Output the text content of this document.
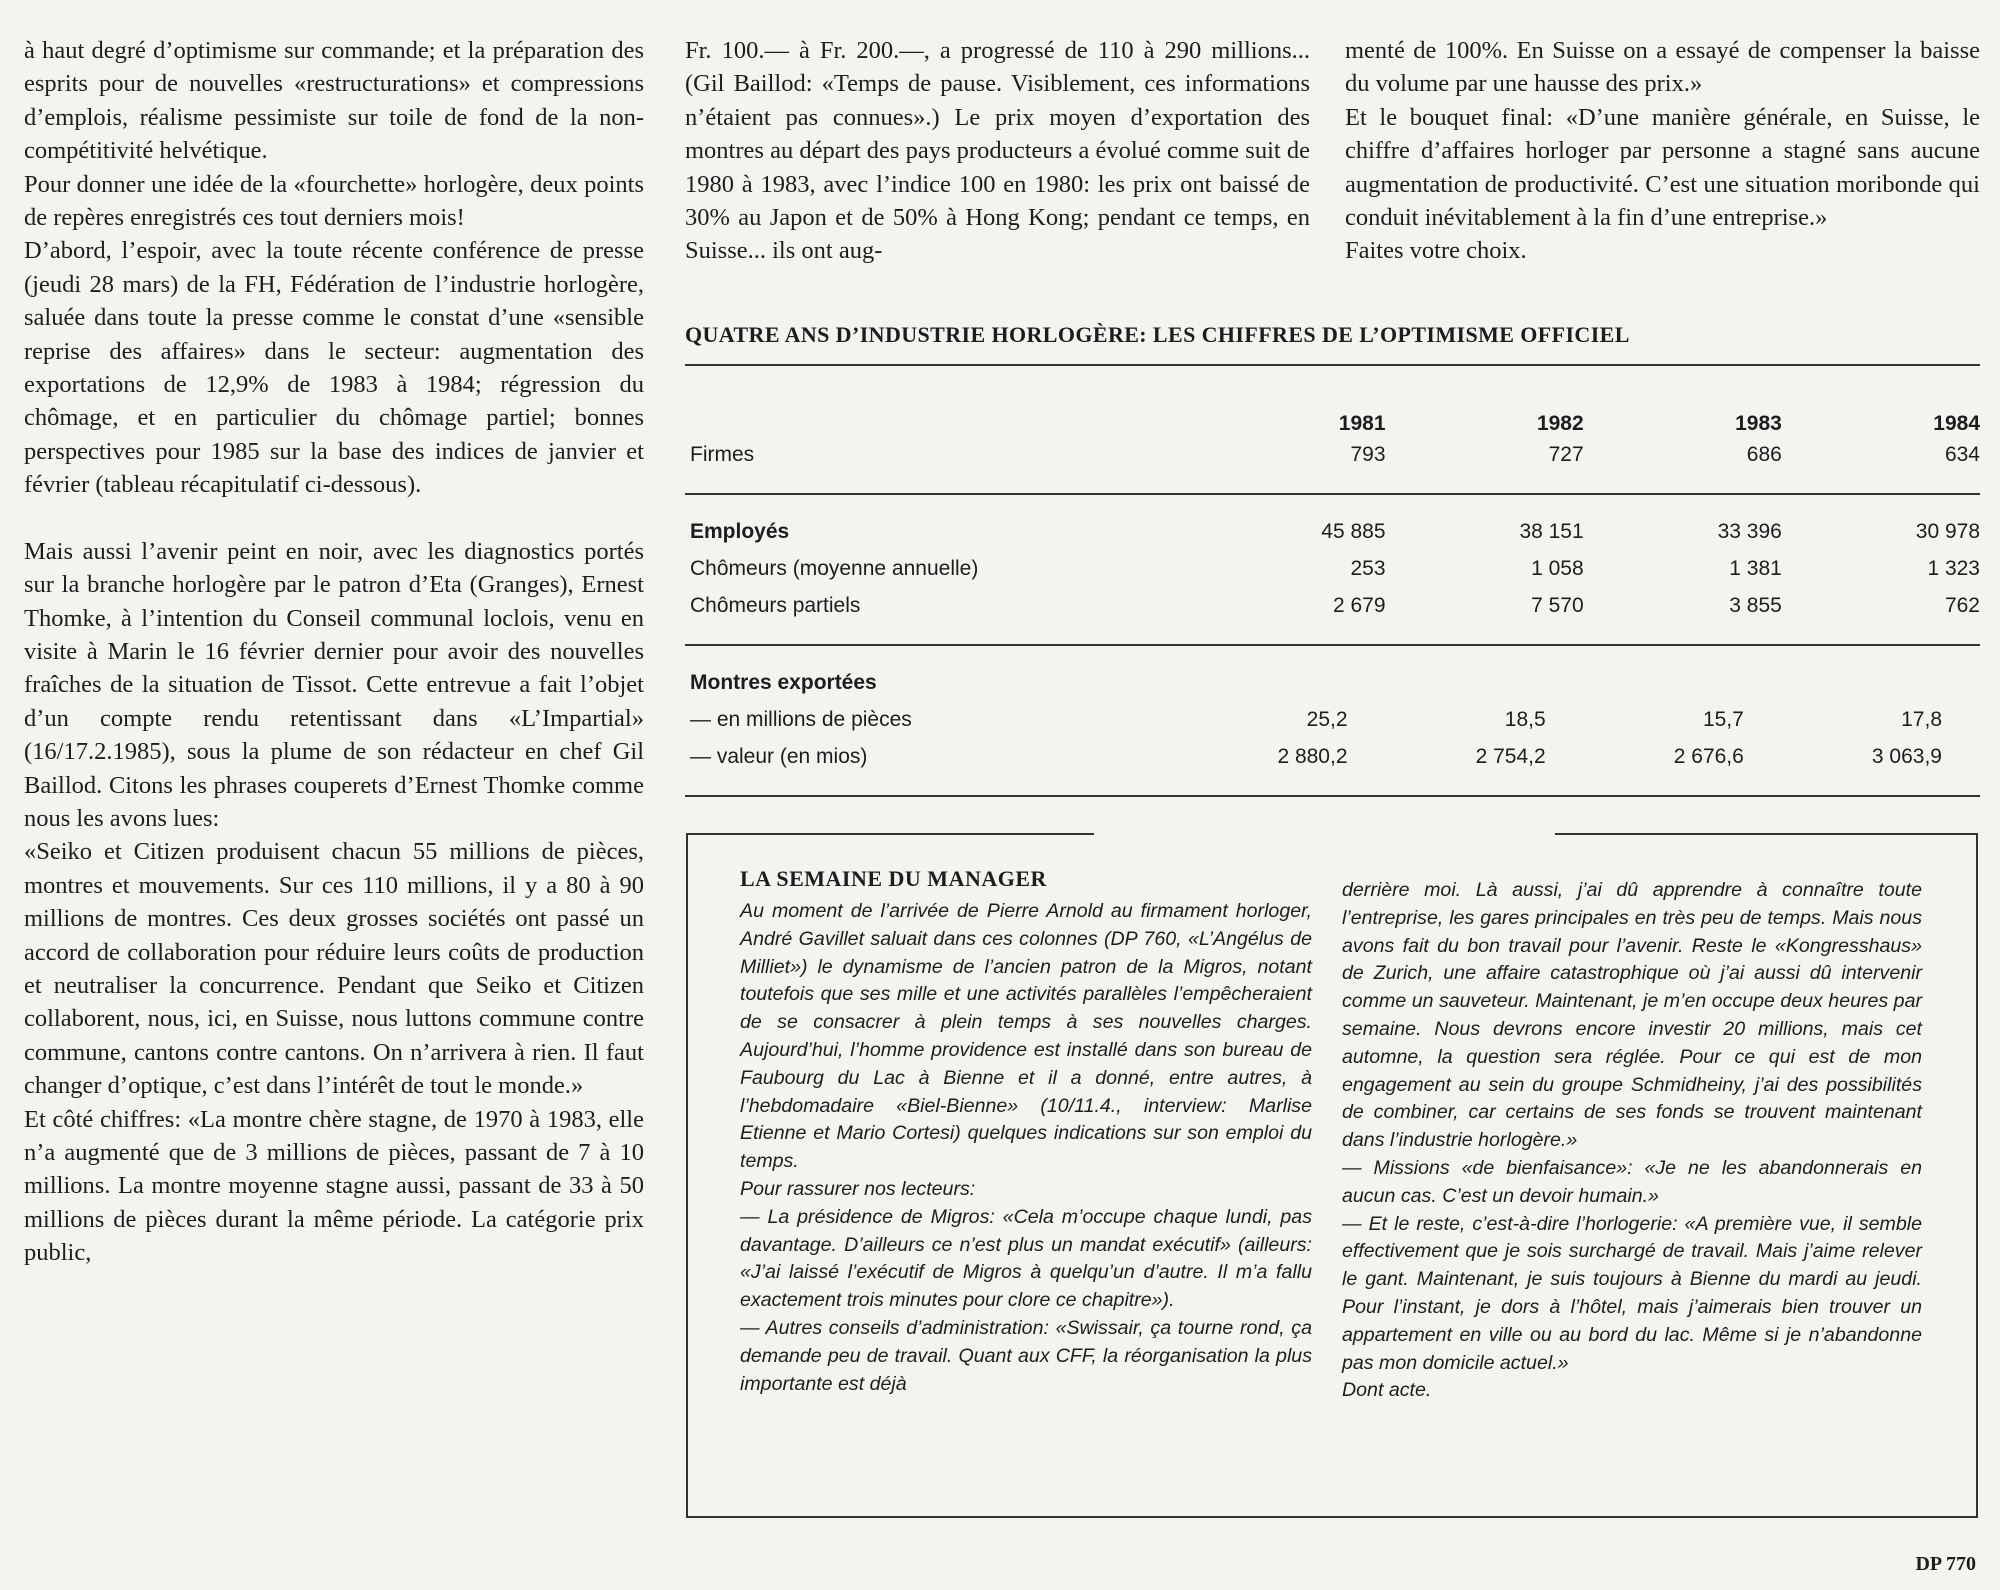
à haut degré d’optimisme sur commande; et la préparation des esprits pour de nouvelles «restructurations» et compressions d’emplois, réalisme pessimiste sur toile de fond de la non-compétitivité helvétique.

Pour donner une idée de la «fourchette» horlogère, deux points de repères enregistrés ces tout derniers mois!

D’abord, l’espoir, avec la toute récente conférence de presse (jeudi 28 mars) de la FH, Fédération de l’industrie horlogère, saluée dans toute la presse comme le constat d’une «sensible reprise des affaires» dans le secteur: augmentation des exportations de 12,9% de 1983 à 1984; régression du chômage, et en particulier du chômage partiel; bonnes perspectives pour 1985 sur la base des indices de janvier et février (tableau récapitulatif ci-dessous).

Mais aussi l’avenir peint en noir, avec les diagnostics portés sur la branche horlogère par le patron d’Eta (Granges), Ernest Thomke, à l’intention du Conseil communal loclois, venu en visite à Marin le 16 février dernier pour avoir des nouvelles fraîches de la situation de Tissot. Cette entrevue a fait l’objet d’un compte rendu retentissant dans «L’Impartial» (16/17.2.1985), sous la plume de son rédacteur en chef Gil Baillod. Citons les phrases couperets d’Ernest Thomke comme nous les avons lues:

«Seiko et Citizen produisent chacun 55 millions de pièces, montres et mouvements. Sur ces 110 millions, il y a 80 à 90 millions de montres. Ces deux grosses sociétés ont passé un accord de collaboration pour réduire leurs coûts de production et neutraliser la concurrence. Pendant que Seiko et Citizen collaborent, nous, ici, en Suisse, nous luttons commune contre commune, cantons contre cantons. On n’arrivera à rien. Il faut changer d’optique, c’est dans l’intérêt de tout le monde.»

Et côté chiffres: «La montre chère stagne, de 1970 à 1983, elle n’a augmenté que de 3 millions de pièces, passant de 7 à 10 millions. La montre moyenne stagne aussi, passant de 33 à 50 millions de pièces durant la même période. La catégorie prix public,

Fr. 100.— à Fr. 200.—, a progressé de 110 à 290 millions... (Gil Baillod: «Temps de pause. Visiblement, ces informations n’étaient pas connues».) Le prix moyen d’exportation des montres au départ des pays producteurs a évolué comme suit de 1980 à 1983, avec l’indice 100 en 1980: les prix ont baissé de 30% au Japon et de 50% à Hong Kong; pendant ce temps, en Suisse... ils ont aug-

menté de 100%. En Suisse on a essayé de compenser la baisse du volume par une hausse des prix.»

Et le bouquet final: «D’une manière générale, en Suisse, le chiffre d’affaires horloger par personne a stagné sans aucune augmentation de productivité. C’est une situation moribonde qui conduit inévitablement à la fin d’une entreprise.»

Faites votre choix.

QUATRE ANS D’INDUSTRIE HORLOGÈRE: LES CHIFFRES DE L’OPTIMISME OFFICIEL
	1981	1982	1983	1984
Firmes	793	727	686	634

Employés	45 885	38 151	33 396	30 978
Chômeurs (moyenne annuelle)	253	1 058	1 381	1 323
Chômeurs partiels	2 679	7 570	3 855	762

Montres exportées				
— en millions de pièces	25,2	18,5	15,7	17,8
— valeur (en mios)	2 880,2	2 754,2	2 676,6	3 063,9

LA SEMAINE DU MANAGER

Au moment de l’arrivée de Pierre Arnold au firmament horloger, André Gavillet saluait dans ces colonnes (DP 760, «L’Angélus de Milliet») le dynamisme de l’ancien patron de la Migros, notant toutefois que ses mille et une activités parallèles l’empêcheraient de se consacrer à plein temps à ses nouvelles charges. Aujourd’hui, l’homme providence est installé dans son bureau de Faubourg du Lac à Bienne et il a donné, entre autres, à l’hebdomadaire «Biel-Bienne» (10/11.4., interview: Marlise Etienne et Mario Cortesi) quelques indications sur son emploi du temps.

Pour rassurer nos lecteurs:

— La présidence de Migros: «Cela m’occupe chaque lundi, pas davantage. D’ailleurs ce n’est plus un mandat exécutif» (ailleurs: «J’ai laissé l’exécutif de Migros à quelqu’un d’autre. Il m’a fallu exactement trois minutes pour clore ce chapitre»).

— Autres conseils d’administration: «Swissair, ça tourne rond, ça demande peu de travail. Quant aux CFF, la réorganisation la plus importante est déjà

derrière moi. Là aussi, j’ai dû apprendre à connaître toute l’entreprise, les gares principales en très peu de temps. Mais nous avons fait du bon travail pour l’avenir. Reste le «Kongresshaus» de Zurich, une affaire catastrophique où j’ai aussi dû intervenir comme un sauveteur. Maintenant, je m’en occupe deux heures par semaine. Nous devrons encore investir 20 millions, mais cet automne, la question sera réglée. Pour ce qui est de mon engagement au sein du groupe Schmidheiny, j’ai des possibilités de combiner, car certains de ses fonds se trouvent maintenant dans l’industrie horlogère.»

— Missions «de bienfaisance»: «Je ne les abandonnerais en aucun cas. C’est un devoir humain.»

— Et le reste, c’est-à-dire l’horlogerie: «A première vue, il semble effectivement que je sois surchargé de travail. Mais j’aime relever le gant. Maintenant, je suis toujours à Bienne du mardi au jeudi. Pour l’instant, je dors à l’hôtel, mais j’aimerais bien trouver un appartement en ville ou au bord du lac. Même si je n’abandonne pas mon domicile actuel.»

Dont acte.

DP 770
